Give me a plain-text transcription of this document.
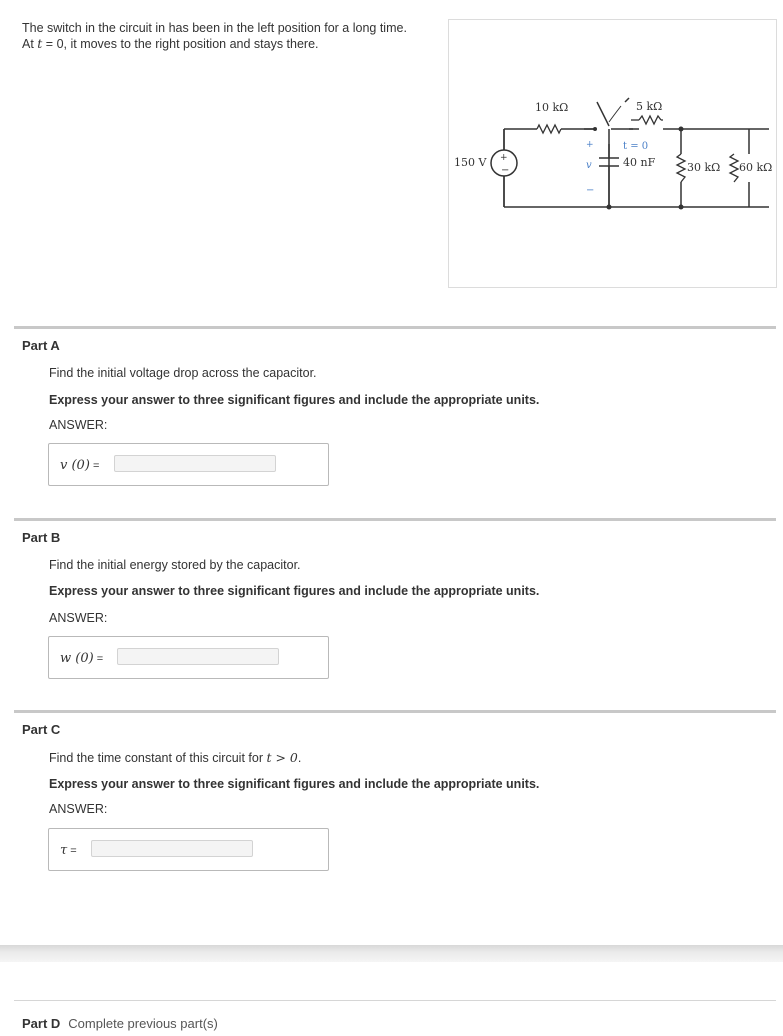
The switch in the circuit in has been in the left position for a long time.

At t = 0, it moves to the right position and stays there.

+
−
150 V
10 kΩ
t = 0
5 kΩ
40 nF
+
v
−
30 kΩ 60 kΩ
Part A
Find the initial voltage drop across the capacitor.
Express your answer to three significant figures and include the appropriate units.
ANSWER:
v (0) =
Part B
Find the initial energy stored by the capacitor.
Express your answer to three significant figures and include the appropriate units.
ANSWER:
w (0) =
Part C
Find the time constant of this circuit for t > 0.
Express your answer to three significant figures and include the appropriate units.
ANSWER:
τ =
Part D Complete previous part(s)
